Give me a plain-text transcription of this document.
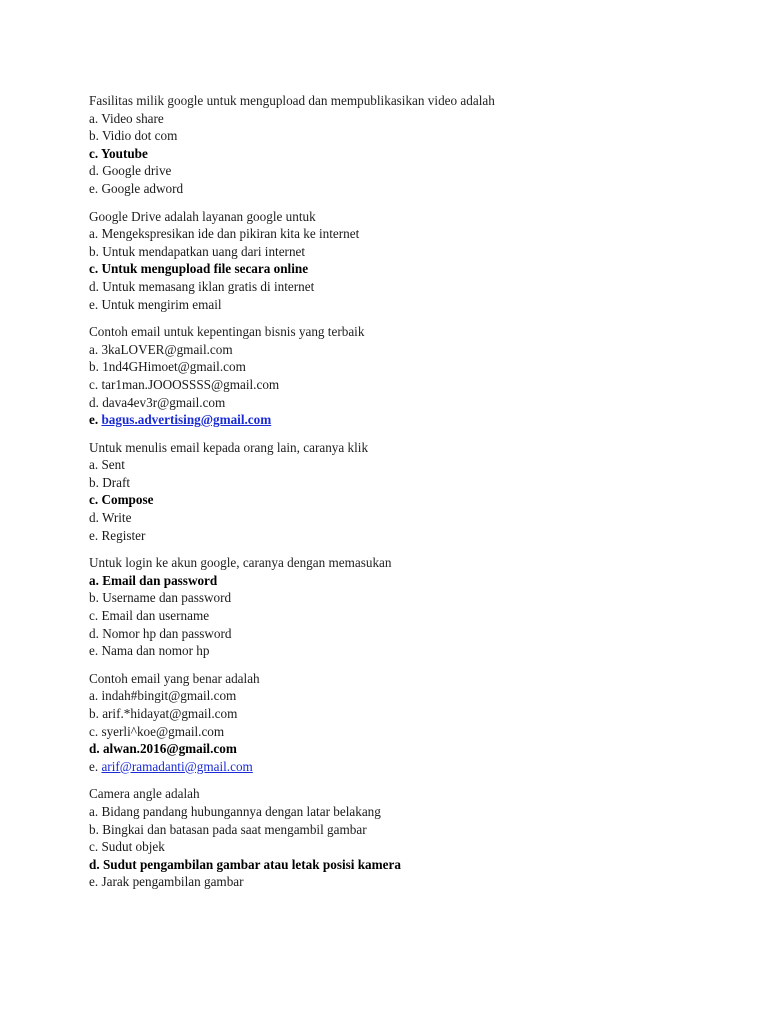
Fasilitas milik google untuk mengupload dan mempublikasikan video adalah
a. Video share
b. Vidio dot com
c. Youtube
d. Google drive
e. Google adword
Google Drive adalah layanan google untuk
a. Mengekspresikan ide dan pikiran kita ke internet
b. Untuk mendapatkan uang dari internet
c. Untuk mengupload file secara online
d. Untuk memasang iklan gratis di internet
e. Untuk mengirim email
Contoh email untuk kepentingan bisnis yang terbaik
a. 3kaLOVER@gmail.com
b. 1nd4GHimoet@gmail.com
c. tar1man.JOOOSSSS@gmail.com
d. dava4ev3r@gmail.com
e. bagus.advertising@gmail.com
Untuk menulis email kepada orang lain, caranya klik
a. Sent
b. Draft
c. Compose
d. Write
e. Register
Untuk login ke akun google, caranya dengan memasukan
a. Email dan password
b. Username dan password
c. Email dan username
d. Nomor hp dan password
e. Nama dan nomor hp
Contoh email yang benar adalah
a. indah#bingit@gmail.com
b. arif.*hidayat@gmail.com
c. syerli^koe@gmail.com
d. alwan.2016@gmail.com
e. arif@ramadanti@gmail.com
Camera angle adalah
a. Bidang pandang hubungannya dengan latar belakang
b. Bingkai dan batasan pada saat mengambil gambar
c. Sudut objek
d. Sudut pengambilan gambar atau letak posisi kamera
e. Jarak pengambilan gambar
